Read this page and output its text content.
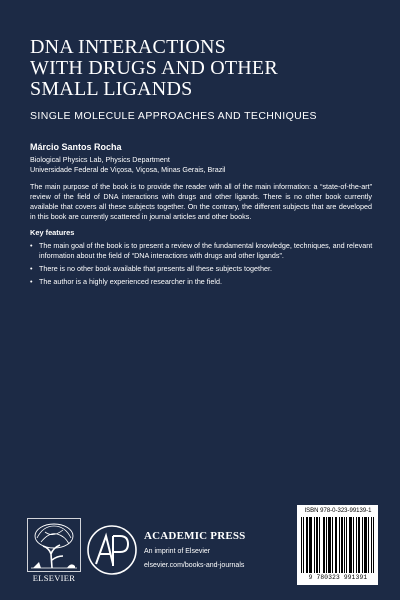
DNA INTERACTIONS
WITH DRUGS AND OTHER
SMALL LIGANDS

SINGLE MOLECULE APPROACHES AND TECHNIQUES

Márcio Santos Rocha

Biological Physics Lab, Physics Department
Universidade Federal de Viçosa, Viçosa, Minas Gerais, Brazil

The main purpose of the book is to provide the reader with all of the main information: a “state-of-the-art” review of the field of DNA interactions with drugs and other ligands. There is no other book currently available that covers all these subjects together. On the contrary, the different subjects that are developed in this book are currently scattered in journal articles and other books.

Key features

• The main goal of the book is to present a review of the fundamental knowledge, techniques, and relevant information about the field of “DNA interactions with drugs and other ligands”.
• There is no other book available that presents all these subjects together.
• The author is a highly experienced researcher in the field.
ELSEVIER
ACADEMIC PRESS
An imprint of Elsevier
elsevier.com/books-and-journals
ISBN 978-0-323-99139-1
9 780323 991391
